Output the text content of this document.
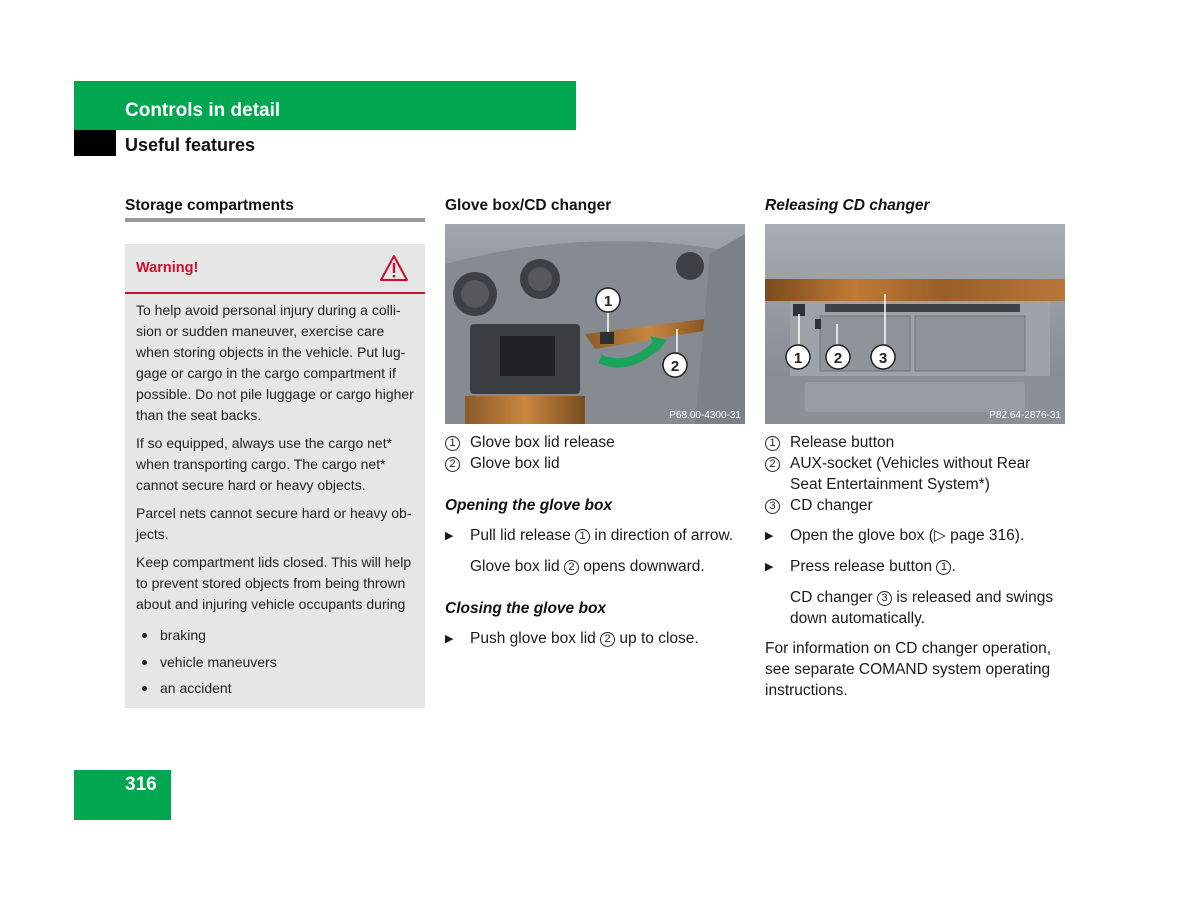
Controls in detail
Useful features
Storage compartments
Warning!

To help avoid personal injury during a colli-sion or sudden maneuver, exercise care when storing objects in the vehicle. Put lug-gage or cargo in the cargo compartment if possible. Do not pile luggage or cargo higher than the seat backs.

If so equipped, always use the cargo net* when transporting cargo. The cargo net* cannot secure hard or heavy objects.

Parcel nets cannot secure hard or heavy ob-jects.

Keep compartment lids closed. This will help to prevent stored objects from being thrown about and injuring vehicle occupants during

braking
vehicle maneuvers
an accident
Glove box/CD changer
1
2
P68.00-4300-31
1 Glove box lid release
2 Glove box lid
Opening the glove box
▶	Pull lid release 1 in direction of arrow.
Glove box lid 2 opens downward.
Closing the glove box
▶	Push glove box lid 2 up to close.
Releasing CD changer
1 2 3
P82.64-2876-31
1 Release button
2 AUX-socket (Vehicles without Rear Seat Entertainment System*)
3 CD changer
▶	Open the glove box (▷ page 316).
▶	Press release button 1 .
CD changer 3 is released and swings down automatically.
For information on CD changer operation, see separate COMAND system operating instructions.
316
